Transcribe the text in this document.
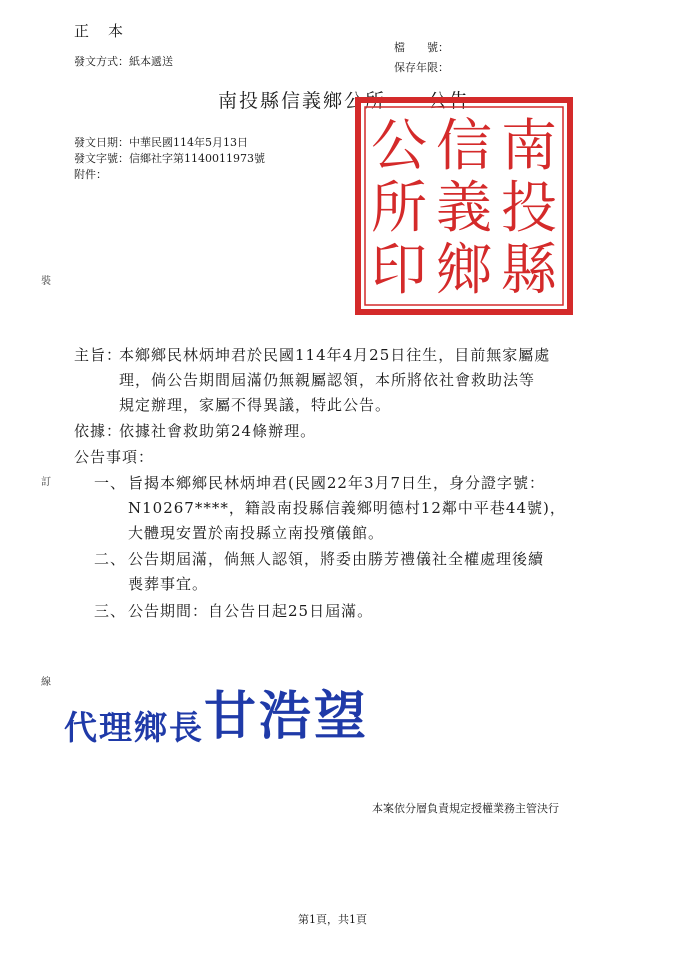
正　本
發文方式：紙本遞送
檔　　號：
保存年限：
南投縣信義鄉公所　　公告
發文日期：中華民國114年5月13日
發文字號：信鄉社字第1140011973號
附件：	南
投
縣
信
義
鄉
公
所
印
裝
訂
線
主旨：
本鄉鄉民林炳坤君於民國114年4月25日往生，目前無家屬處
理，倘公告期間屆滿仍無親屬認領，本所將依社會救助法等
規定辦理，家屬不得異議，特此公告。
依據：
依據社會救助第24條辦理。
公告事項：
一、 旨揭本鄉鄉民林炳坤君(民國22年3月7日生，身分證字號：
N10267****，籍設南投縣信義鄉明德村12鄰中平巷44號)，
大體現安置於南投縣立南投殯儀館。
二、 公告期屆滿，倘無人認領，將委由勝芳禮儀社全權處理後續
喪葬事宜。
三、 公告期間：自公告日起25日屆滿。
代理鄉長甘浩望
本案依分層負責規定授權業務主管決行
第1頁，共1頁
